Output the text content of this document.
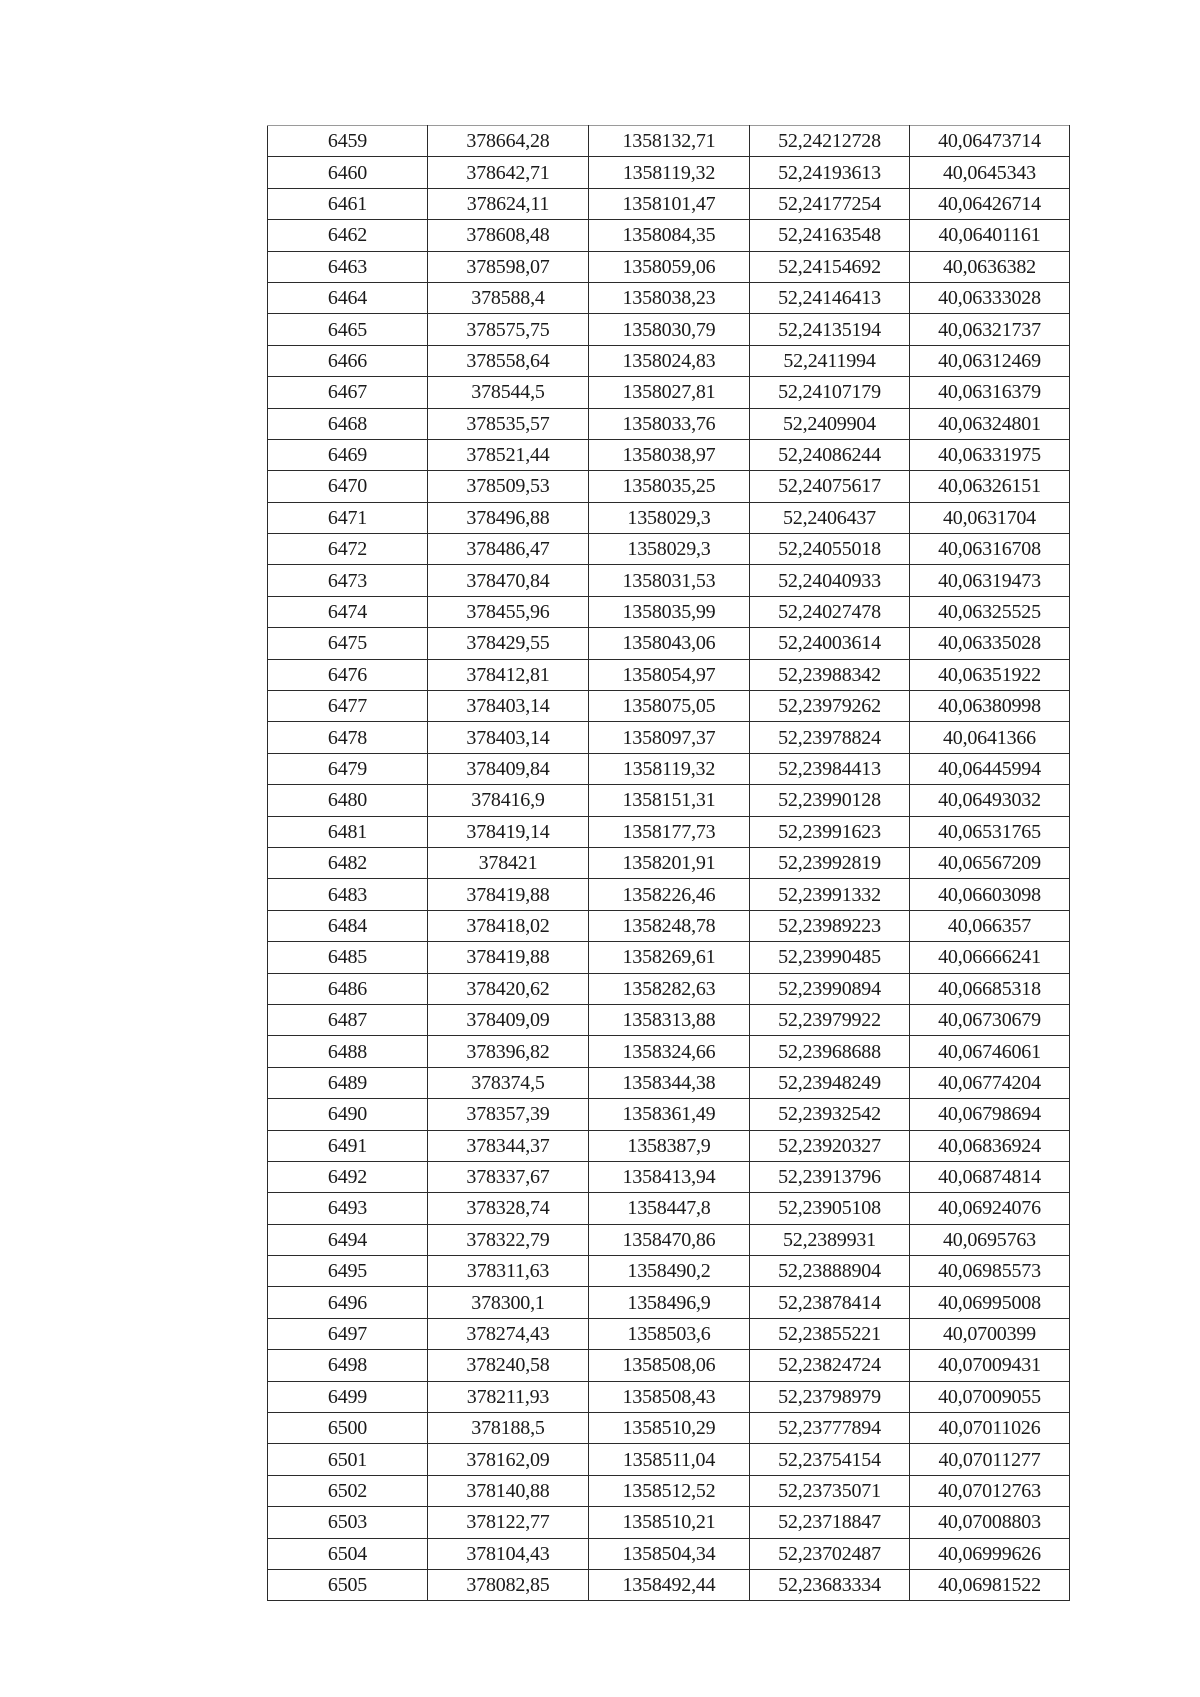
6459	378664,28	1358132,71	52,24212728	40,06473714
6460	378642,71	1358119,32	52,24193613	40,0645343
6461	378624,11	1358101,47	52,24177254	40,06426714
6462	378608,48	1358084,35	52,24163548	40,06401161
6463	378598,07	1358059,06	52,24154692	40,0636382
6464	378588,4	1358038,23	52,24146413	40,06333028
6465	378575,75	1358030,79	52,24135194	40,06321737
6466	378558,64	1358024,83	52,2411994	40,06312469
6467	378544,5	1358027,81	52,24107179	40,06316379
6468	378535,57	1358033,76	52,2409904	40,06324801
6469	378521,44	1358038,97	52,24086244	40,06331975
6470	378509,53	1358035,25	52,24075617	40,06326151
6471	378496,88	1358029,3	52,2406437	40,0631704
6472	378486,47	1358029,3	52,24055018	40,06316708
6473	378470,84	1358031,53	52,24040933	40,06319473
6474	378455,96	1358035,99	52,24027478	40,06325525
6475	378429,55	1358043,06	52,24003614	40,06335028
6476	378412,81	1358054,97	52,23988342	40,06351922
6477	378403,14	1358075,05	52,23979262	40,06380998
6478	378403,14	1358097,37	52,23978824	40,0641366
6479	378409,84	1358119,32	52,23984413	40,06445994
6480	378416,9	1358151,31	52,23990128	40,06493032
6481	378419,14	1358177,73	52,23991623	40,06531765
6482	378421	1358201,91	52,23992819	40,06567209
6483	378419,88	1358226,46	52,23991332	40,06603098
6484	378418,02	1358248,78	52,23989223	40,066357
6485	378419,88	1358269,61	52,23990485	40,06666241
6486	378420,62	1358282,63	52,23990894	40,06685318
6487	378409,09	1358313,88	52,23979922	40,06730679
6488	378396,82	1358324,66	52,23968688	40,06746061
6489	378374,5	1358344,38	52,23948249	40,06774204
6490	378357,39	1358361,49	52,23932542	40,06798694
6491	378344,37	1358387,9	52,23920327	40,06836924
6492	378337,67	1358413,94	52,23913796	40,06874814
6493	378328,74	1358447,8	52,23905108	40,06924076
6494	378322,79	1358470,86	52,2389931	40,0695763
6495	378311,63	1358490,2	52,23888904	40,06985573
6496	378300,1	1358496,9	52,23878414	40,06995008
6497	378274,43	1358503,6	52,23855221	40,0700399
6498	378240,58	1358508,06	52,23824724	40,07009431
6499	378211,93	1358508,43	52,23798979	40,07009055
6500	378188,5	1358510,29	52,23777894	40,07011026
6501	378162,09	1358511,04	52,23754154	40,07011277
6502	378140,88	1358512,52	52,23735071	40,07012763
6503	378122,77	1358510,21	52,23718847	40,07008803
6504	378104,43	1358504,34	52,23702487	40,06999626
6505	378082,85	1358492,44	52,23683334	40,06981522
